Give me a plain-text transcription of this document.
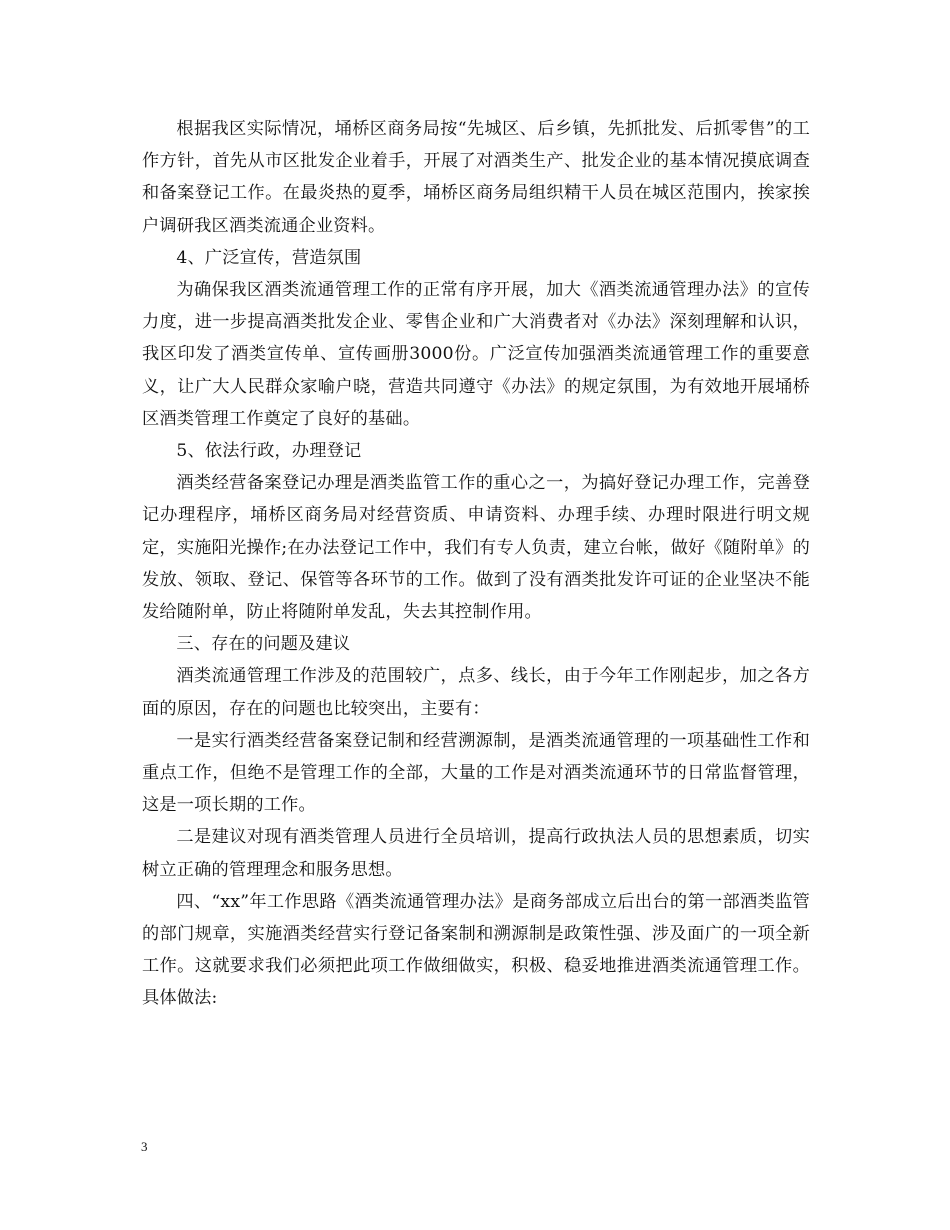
根据我区实际情况，埇桥区商务局按“先城区、后乡镇，先抓批发、后抓零售”的工作方针，首先从市区批发企业着手，开展了对酒类生产、批发企业的基本情况摸底调查和备案登记工作。在最炎热的夏季，埇桥区商务局组织精干人员在城区范围内，挨家挨户调研我区酒类流通企业资料。

4、广泛宣传，营造氛围

为确保我区酒类流通管理工作的正常有序开展，加大《酒类流通管理办法》的宣传力度，进一步提高酒类批发企业、零售企业和广大消费者对《办法》深刻理解和认识，我区印发了酒类宣传单、宣传画册3000份。广泛宣传加强酒类流通管理工作的重要意义，让广大人民群众家喻户晓，营造共同遵守《办法》的规定氛围，为有效地开展埇桥区酒类管理工作奠定了良好的基础。

5、依法行政，办理登记

酒类经营备案登记办理是酒类监管工作的重心之一，为搞好登记办理工作，完善登记办理程序，埇桥区商务局对经营资质、申请资料、办理手续、办理时限进行明文规定，实施阳光操作;在办法登记工作中，我们有专人负责，建立台帐，做好《随附单》的发放、领取、登记、保管等各环节的工作。做到了没有酒类批发许可证的企业坚决不能发给随附单，防止将随附单发乱，失去其控制作用。

三、存在的问题及建议

酒类流通管理工作涉及的范围较广，点多、线长，由于今年工作刚起步，加之各方面的原因，存在的问题也比较突出，主要有：

一是实行酒类经营备案登记制和经营溯源制，是酒类流通管理的一项基础性工作和重点工作，但绝不是管理工作的全部，大量的工作是对酒类流通环节的日常监督管理，这是一项长期的工作。

二是建议对现有酒类管理人员进行全员培训，提高行政执法人员的思想素质，切实树立正确的管理理念和服务思想。

四、“xx”年工作思路《酒类流通管理办法》是商务部成立后出台的第一部酒类监管的部门规章，实施酒类经营实行登记备案制和溯源制是政策性强、涉及面广的一项全新工作。这就要求我们必须把此项工作做细做实，积极、稳妥地推进酒类流通管理工作。具体做法:

3
